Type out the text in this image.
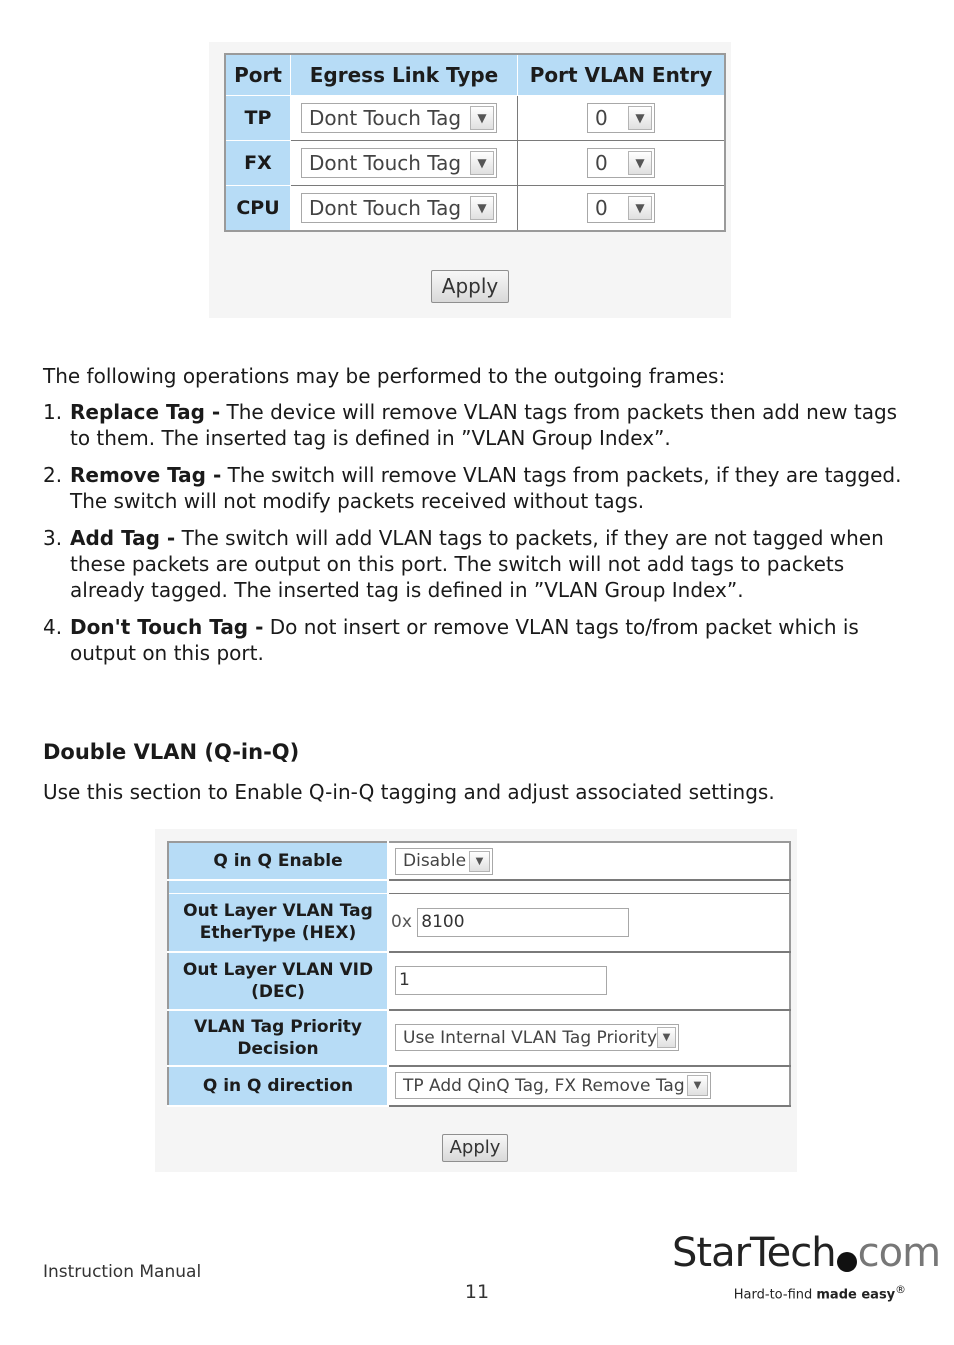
Port	Egress Link Type	Port VLAN Entry
TP	Dont Touch Tag ▼	0 ▼

FX	Dont Touch Tag ▼	0 ▼

CPU	Dont Touch Tag ▼	0 ▼
Apply
The following operations may be performed to the outgoing frames:
1. Replace Tag - The device will remove VLAN tags from packets then add new tags to them. The inserted tag is defined in ”VLAN Group Index”.
2. Remove Tag - The switch will remove VLAN tags from packets, if they are tagged. The switch will not modify packets received without tags.
3. Add Tag - The switch will add VLAN tags to packets, if they are not tagged when these packets are output on this port. The switch will not add tags to packets already tagged. The inserted tag is defined in ”VLAN Group Index”.
4. Don't Touch Tag - Do not insert or remove VLAN tags to/from packet which is output on this port.
Double VLAN (Q-in-Q)
Use this section to Enable Q-in-Q tagging and adjust associated settings.
Q in Q Enable	Disable ▼

Out Layer VLAN Tag EtherType (HEX)	0x 8100
Out Layer VLAN VID (DEC)	1
VLAN Tag Priority Decision	Use Internal VLAN Tag Priority ▼

Q in Q direction	TP Add QinQ Tag, FX Remove Tag ▼
Apply
Instruction Manual
11
StarTech com
Hard-to-find made easy®
